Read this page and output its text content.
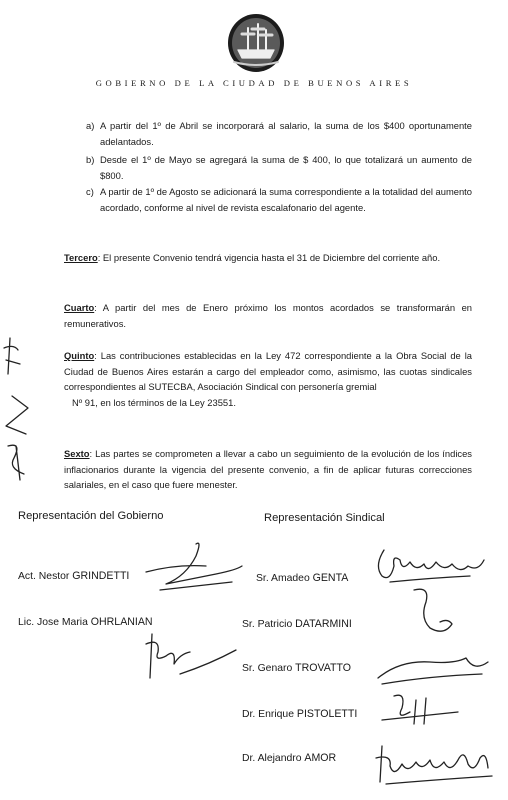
GOBIERNO DE LA CIUDAD DE BUENOS AIRES
a) A partir del 1º de Abril se incorporará al salario, la suma de los $400 oportunamente adelantados.
b) Desde el 1º de Mayo se agregará la suma de $ 400, lo que totalizará un aumento de $800.
c) A partir de 1º de Agosto se adicionará la suma correspondiente a la totalidad del aumento acordado, conforme al nivel de revista escalafonario del agente.
Tercero: El presente Convenio tendrá vigencia hasta el 31 de Diciembre del corriente año.
Cuarto: A partir del mes de Enero próximo los montos acordados se transformarán en remunerativos.
Quinto: Las contribuciones establecidas en la Ley 472 correspondiente a la Obra Social de la Ciudad de Buenos Aires estarán a cargo del empleador como, asimismo, las cuotas sindicales correspondientes al SUTECBA, Asociación Sindical con personería gremial
Nº 91, en los términos de la Ley 23551.
Sexto: Las partes se comprometen a llevar a cabo un seguimiento de la evolución de los índices inflacionarios durante la vigencia del presente convenio, a fin de aplicar futuras correcciones salariales, en el caso que fuere menester.
Representación del Gobierno	Representación Sindical
Act. Nestor GRINDETTI
Lic. Jose Maria OHRLANIAN
Sr. Amadeo GENTA
Sr. Patricio DATARMINI
Sr. Genaro TROVATTO
Dr. Enrique PISTOLETTI
Dr. Alejandro AMOR
